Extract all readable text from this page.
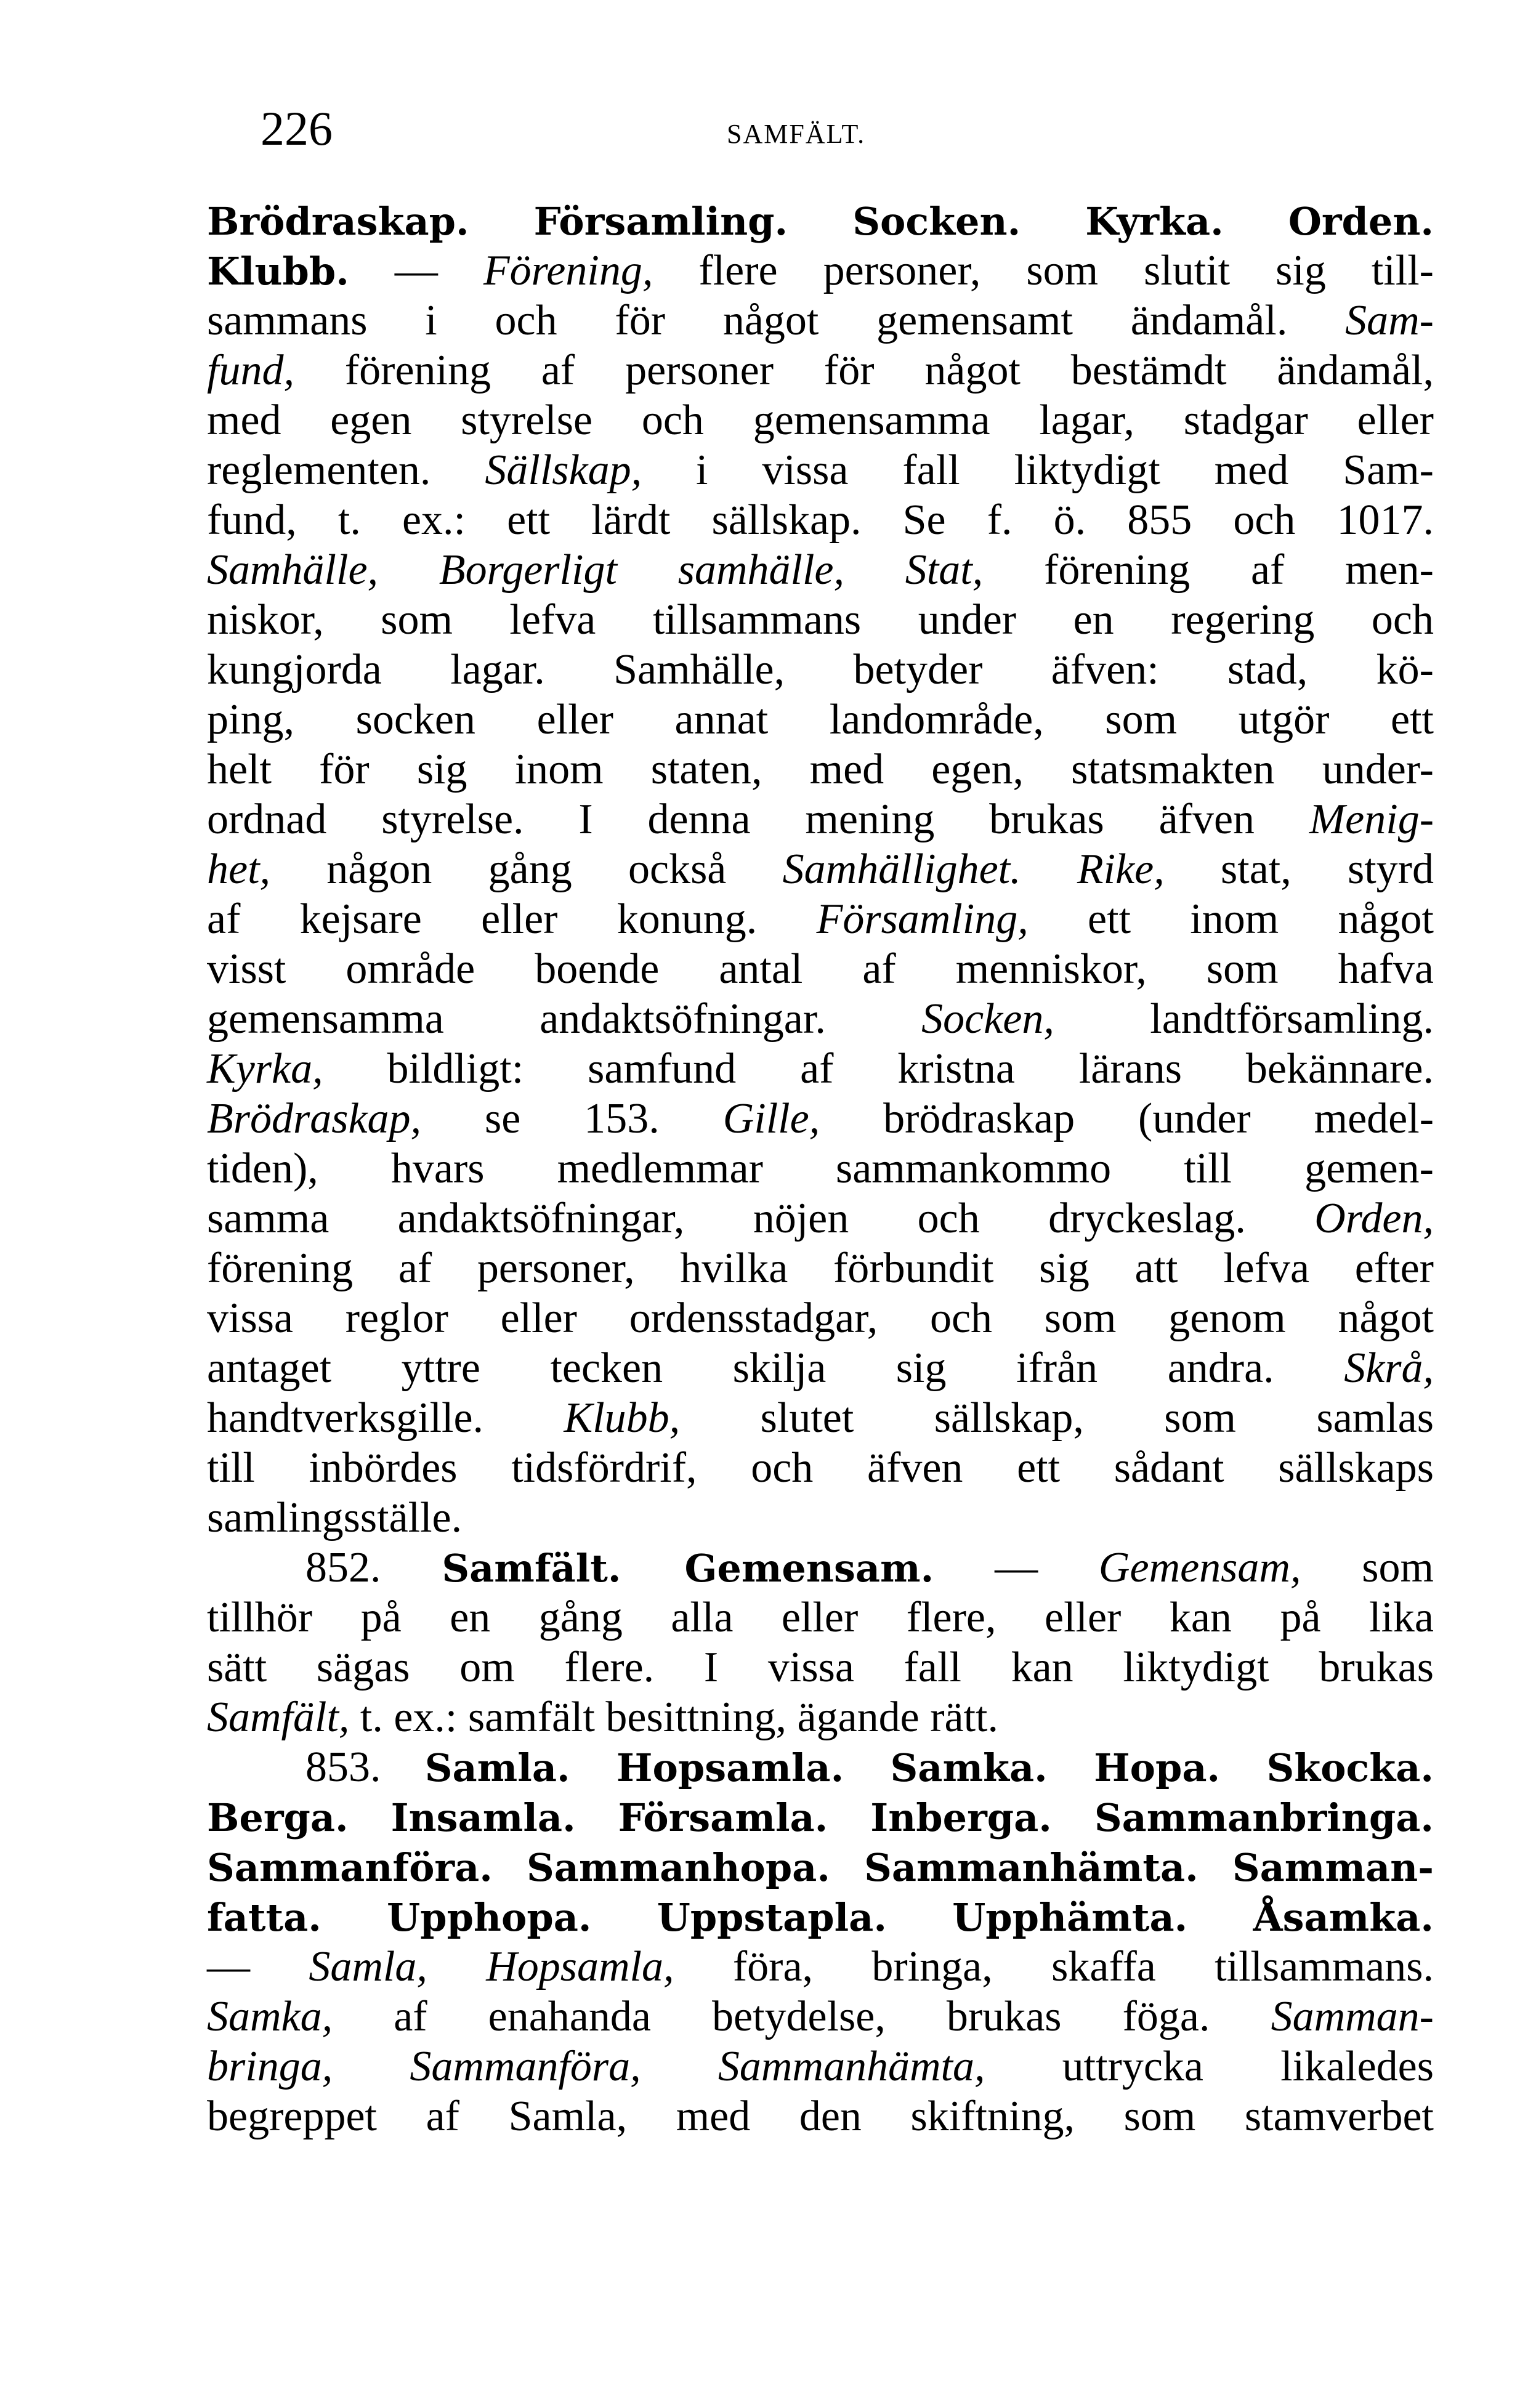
226	SAMFÄLT.
Brödraskap. Församling. Socken. Kyrka. Orden.
Klubb. — Förening, flere personer, som slutit sig till-
sammans i och för något gemensamt ändamål. Sam-
fund, förening af personer för något bestämdt ändamål,
med egen styrelse och gemensamma lagar, stadgar eller
reglementen. Sällskap, i vissa fall liktydigt med Sam-
fund, t. ex.: ett lärdt sällskap. Se f. ö. 855 och 1017.
Samhälle, Borgerligt samhälle, Stat, förening af men-
niskor, som lefva tillsammans under en regering och
kungjorda lagar. Samhälle, betyder äfven: stad, kö-
ping, socken eller annat landområde, som utgör ett
helt för sig inom staten, med egen, statsmakten under-
ordnad styrelse. I denna mening brukas äfven Menig-
het, någon gång också Samhällighet. Rike, stat, styrd
af kejsare eller konung. Församling, ett inom något
visst område boende antal af menniskor, som hafva
gemensamma andaktsöfningar. Socken, landtförsamling.
Kyrka, bildligt: samfund af kristna lärans bekännare.
Brödraskap, se 153. Gille, brödraskap (under medel-
tiden), hvars medlemmar sammankommo till gemen-
samma andaktsöfningar, nöjen och dryckeslag. Orden,
förening af personer, hvilka förbundit sig att lefva efter
vissa reglor eller ordensstadgar, och som genom något
antaget yttre tecken skilja sig ifrån andra. Skrå,
handtverksgille. Klubb, slutet sällskap, som samlas
till inbördes tidsfördrif, och äfven ett sådant sällskaps
samlingsställe.
852. Samfält. Gemensam. — Gemensam, som
tillhör på en gång alla eller flere, eller kan på lika
sätt sägas om flere. I vissa fall kan liktydigt brukas
Samfält, t. ex.: samfält besittning, ägande rätt.
853. Samla. Hopsamla. Samka. Hopa. Skocka.
Berga. Insamla. Församla. Inberga. Sammanbringa.
Sammanföra. Sammanhopa. Sammanhämta. Samman-
fatta. Upphopa. Uppstapla. Upphämta. Åsamka.
— Samla, Hopsamla, föra, bringa, skaffa tillsammans.
Samka, af enahanda betydelse, brukas föga. Samman-
bringa, Sammanföra, Sammanhämta, uttrycka likaledes
begreppet af Samla, med den skiftning, som stamverbet
